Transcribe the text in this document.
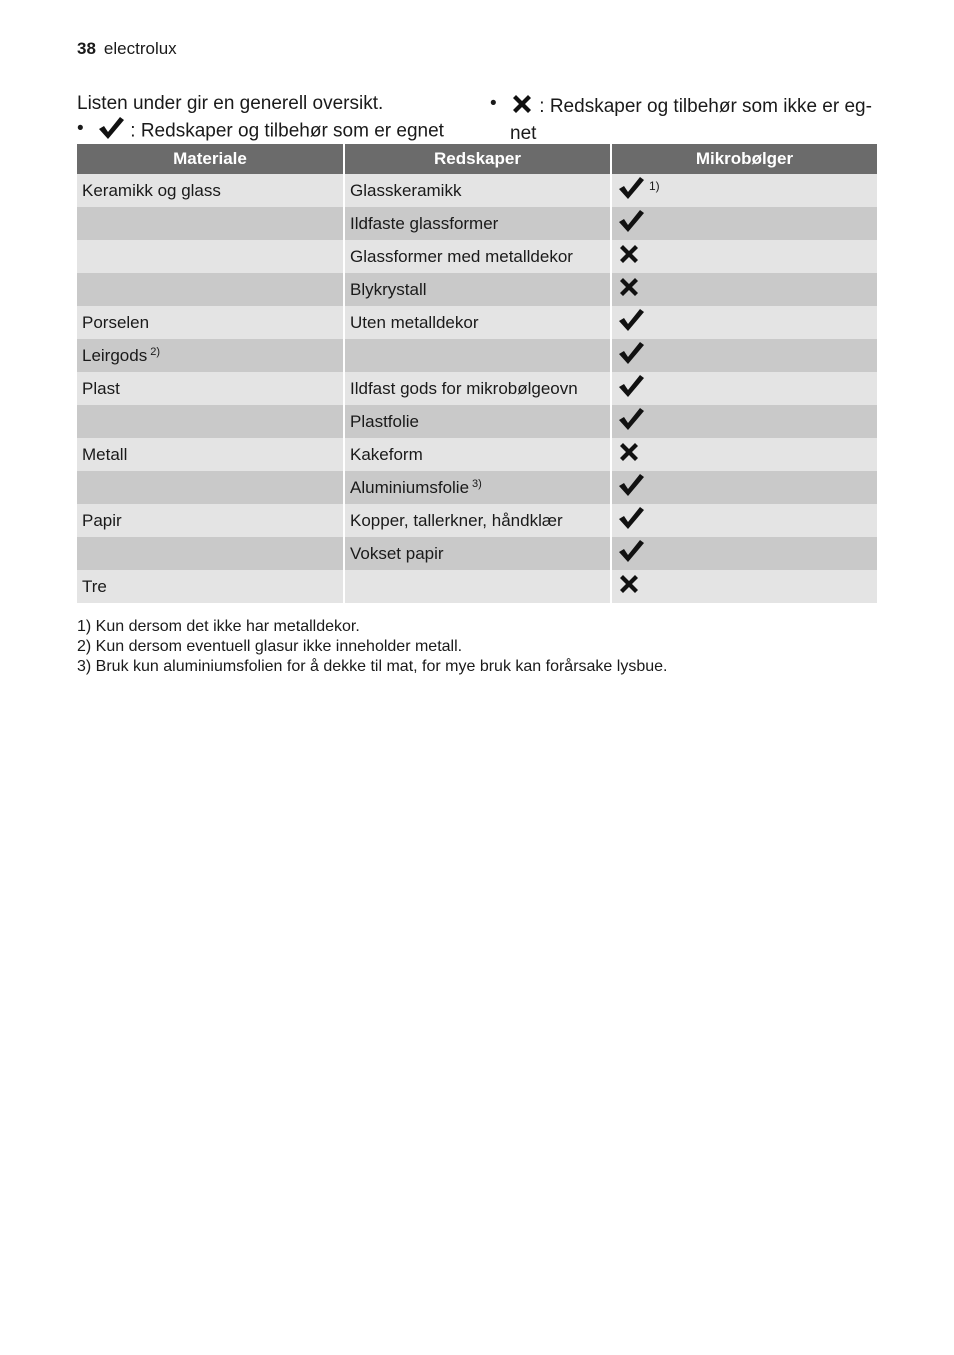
38 electrolux
Listen under gir en generell oversikt.
•	: Redskaper og tilbehør som er egnet
•	: Redskaper og tilbehør som ikke er eg-net
Materiale	Redskaper	Mikrobølger
Keramikk og glass	Glasskeramikk	1)

	Ildfaste glassformer	

	Glassformer med metalldekor	

	Blykrystall	

Porselen	Uten metalldekor	

Leirgods $^{2)}$		

Plast	Ildfast gods for mikrobølgeovn	

	Plastfolie	

Metall	Kakeform	

	Aluminiumsfolie $^{3)}$	

Papir	Kopper, tallerkner, håndklær	

	Vokset papir	

Tre		
1) Kun dersom det ikke har metalldekor.
2) Kun dersom eventuell glasur ikke inneholder metall.
3) Bruk kun aluminiumsfolien for å dekke til mat, for mye bruk kan forårsake lysbue.
